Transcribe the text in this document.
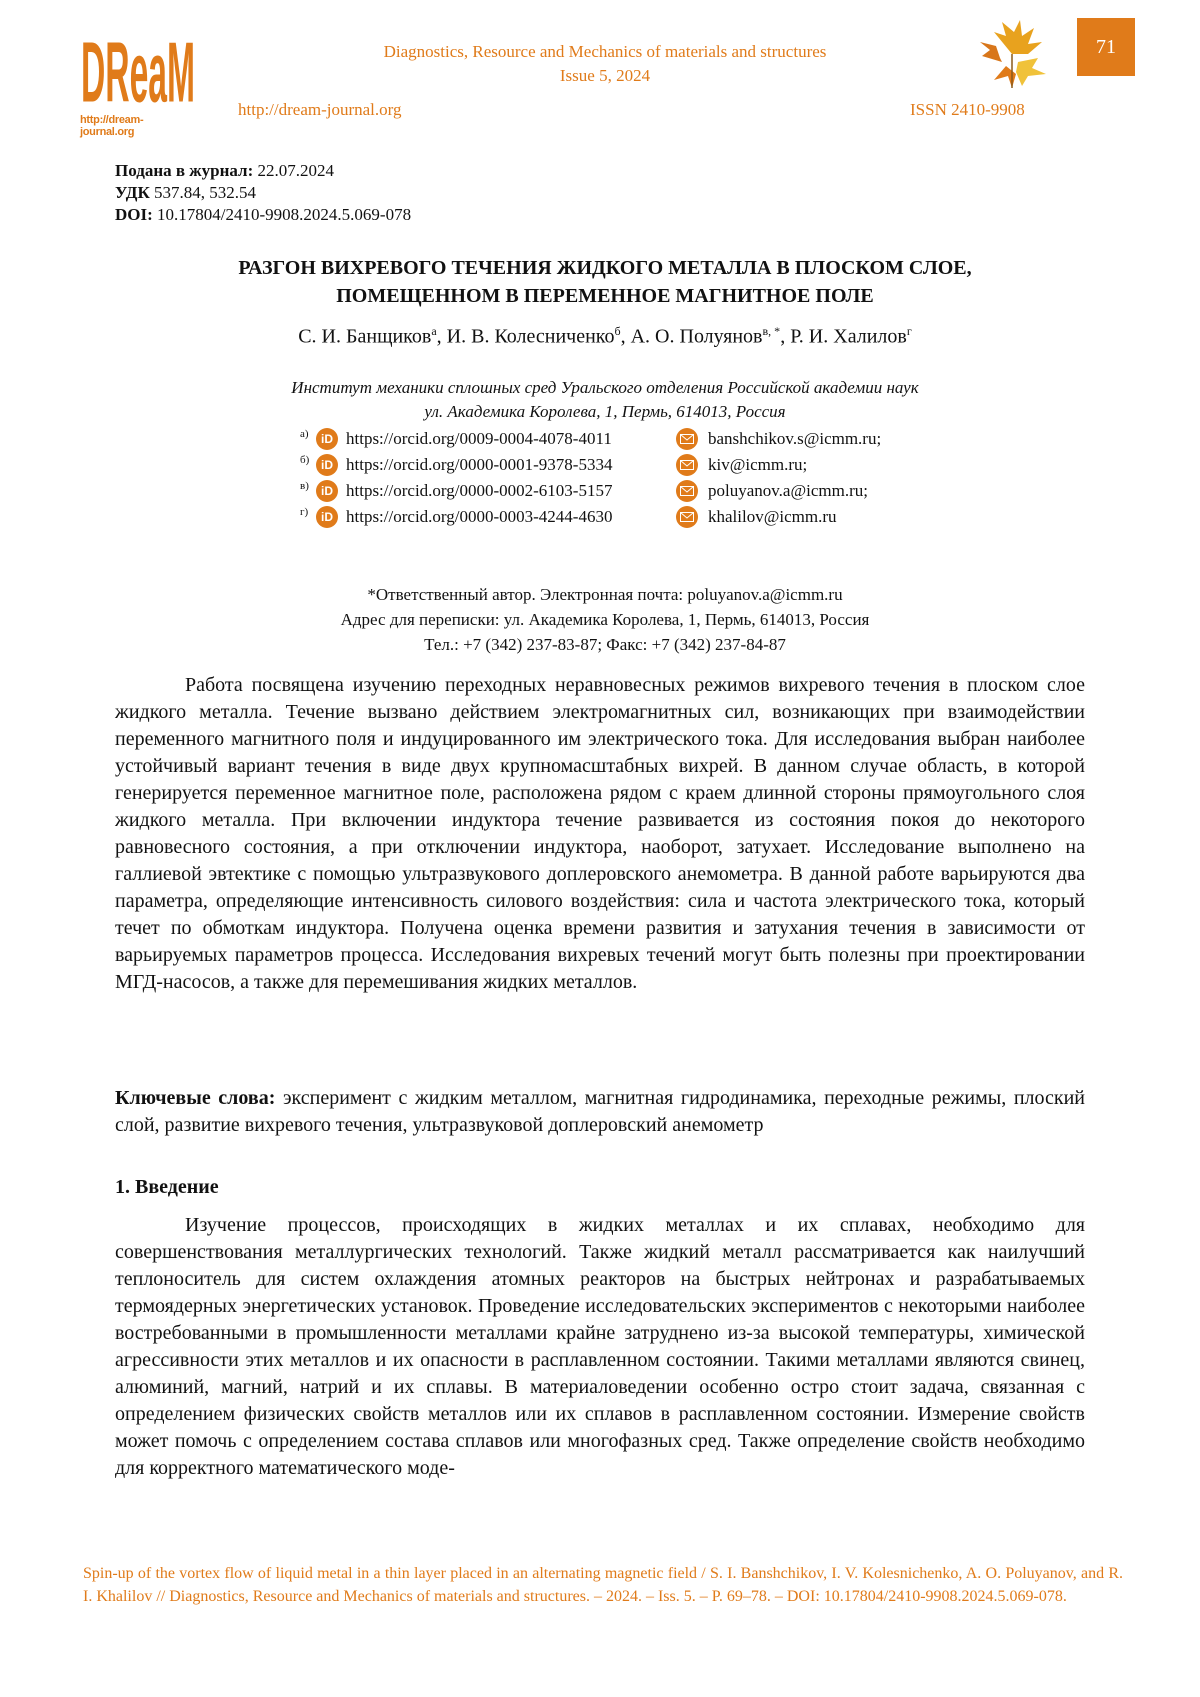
DReaM
http://dream-journal.org
Diagnostics, Resource and Mechanics of materials and structures
Issue 5, 2024
http://dream-journal.org	ISSN 2410-9908
71
Подана в журнал: 22.07.2024
УДК 537.84, 532.54
DOI: 10.17804/2410-9908.2024.5.069-078
РАЗГОН ВИХРЕВОГО ТЕЧЕНИЯ ЖИДКОГО МЕТАЛЛА В ПЛОСКОМ СЛОЕ,
ПОМЕЩЕННОМ В ПЕРЕМЕННОЕ МАГНИТНОЕ ПОЛЕ
С. И. Банщиков$^а$, И. В. Колесниченко$^б$, А. О. Полуянов$^{в, *}$, Р. И. Халилов$^г$
Институт механики сплошных сред Уральского отделения Российской академии наук
ул. Академика Королева, 1, Пермь, 614013, Россия
а)	iD https://orcid.org/0009-0004-4078-4011	banshchikov.s@icmm.ru;
б) iD https://orcid.org/0000-0001-9378-5334	kiv@icmm.ru;
в)	iD https://orcid.org/0000-0002-6103-5157	poluyanov.a@icmm.ru;
г)	iD https://orcid.org/0000-0003-4244-4630	khalilov@icmm.ru
*Ответственный автор. Электронная почта: poluyanov.a@icmm.ru
Адрес для переписки: ул. Академика Королева, 1, Пермь, 614013, Россия
Тел.: +7 (342) 237-83-87; Факс: +7 (342) 237-84-87

Работа посвящена изучению переходных неравновесных режимов вихревого течения в плоском слое жидкого металла. Течение вызвано действием электромагнитных сил, возникающих при взаимодействии переменного магнитного поля и индуцированного им электрического тока. Для исследования выбран наиболее устойчивый вариант течения в виде двух крупномасштабных вихрей. В данном случае область, в которой генерируется переменное магнитное поле, расположена рядом с краем длинной стороны прямоугольного слоя жидкого металла. При включении индуктора течение развивается из состояния покоя до некоторого равновесного состояния, а при отключении индуктора, наоборот, затухает. Исследование выполнено на галлиевой эвтектике с помощью ультразвукового доплеровского анемометра. В данной работе варьируются два параметра, определяющие интенсивность силового воздействия: сила и частота электрического тока, который течет по обмоткам индуктора. Получена оценка времени развития и затухания течения в зависимости от варьируемых параметров процесса. Исследования вихревых течений могут быть полезны при проектировании МГД-насосов, а также для перемешивания жидких металлов.

Ключевые слова: эксперимент с жидким металлом, магнитная гидродинамика, переходные режимы, плоский слой, развитие вихревого течения, ультразвуковой доплеровский анемометр
1. Введение

Изучение процессов, происходящих в жидких металлах и их сплавах, необходимо для совершенствования металлургических технологий. Также жидкий металл рассматривается как наилучший теплоноситель для систем охлаждения атомных реакторов на быстрых нейтронах и разрабатываемых термоядерных энергетических установок. Проведение исследовательских экспериментов с некоторыми наиболее востребованными в промышленности металлами крайне затруднено из-за высокой температуры, химической агрессивности этих металлов и их опасности в расплавленном состоянии. Такими металлами являются свинец, алюминий, магний, натрий и их сплавы. В материаловедении особенно остро стоит задача, связанная с определением физических свойств металлов или их сплавов в расплавленном состоянии. Измерение свойств может помочь с определением состава сплавов или многофазных сред. Также определение свойств необходимо для корректного математического моде-

Spin-up of the vortex flow of liquid metal in a thin layer placed in an alternating magnetic field / S. I. Banshchikov, I. V. Kolesnichenko, A. O. Poluyanov, and R. I. Khalilov // Diagnostics, Resource and Mechanics of materials and structures. – 2024. – Iss. 5. – P. 69–78. – DOI: 10.17804/2410-9908.2024.5.069-078.
